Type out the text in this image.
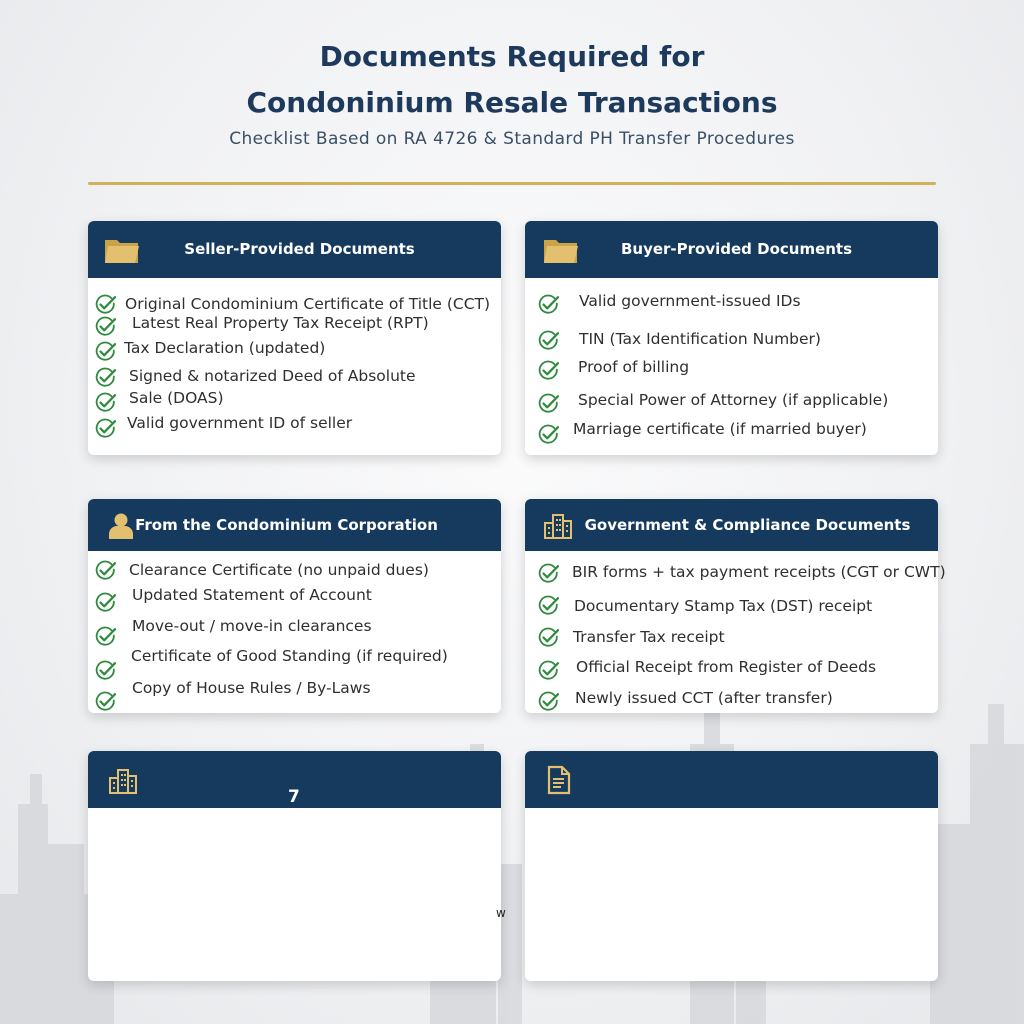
Documents Required for
Condoninium Resale Transactions
Checklist Based on RA 4726 & Standard PH Transfer Procedures
Seller-Provided Documents
Original Condominium Certificate of Title (CCT)
Latest Real Property Tax Receipt (RPT)
Tax Declaration (updated)
Signed & notarized Deed of Absolute
Sale (DOAS)
Valid government ID of seller
Buyer-Provided Documents
Valid government-issued IDs
TIN (Tax Identification Number)
Proof of billing
Special Power of Attorney (if applicable)
Marriage certificate (if married buyer)
From the Condominium Corporation
Clearance Certificate (no unpaid dues)
Updated Statement of Account
Move-out / move-in clearances
Certificate of Good Standing (if required)
Copy of House Rules / By-Laws
Government & Compliance Documents
BIR forms + tax payment receipts (CGT or CWT)
Documentary Stamp Tax (DST) receipt
Transfer Tax receipt
Official Receipt from Register of Deeds
Newly issued CCT (after transfer)
7
w
